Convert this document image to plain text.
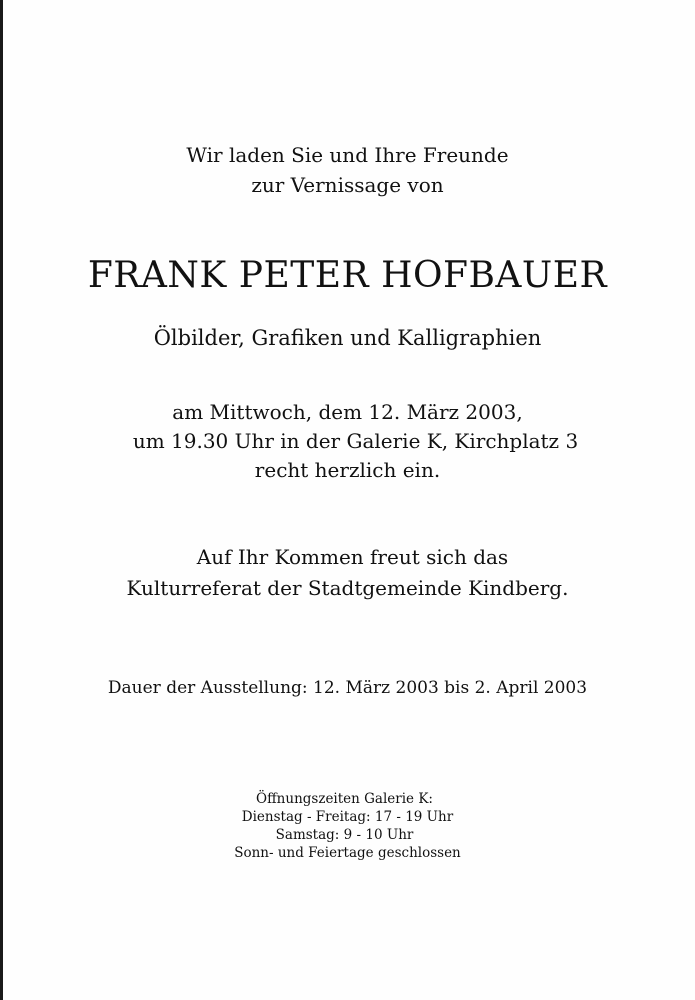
Wir laden Sie und Ihre Freunde
zur Vernissage von
FRANK PETER HOFBAUER
Ölbilder, Grafiken und Kalligraphien
am Mittwoch, dem 12. März 2003,
um 19.30 Uhr in der Galerie K, Kirchplatz 3
recht herzlich ein.
Auf Ihr Kommen freut sich das
Kulturreferat der Stadtgemeinde Kindberg.
Dauer der Ausstellung: 12. März 2003 bis 2. April 2003
Öffnungszeiten Galerie K:
Dienstag - Freitag: 17 - 19 Uhr
Samstag: 9 - 10 Uhr
Sonn- und Feiertage geschlossen
